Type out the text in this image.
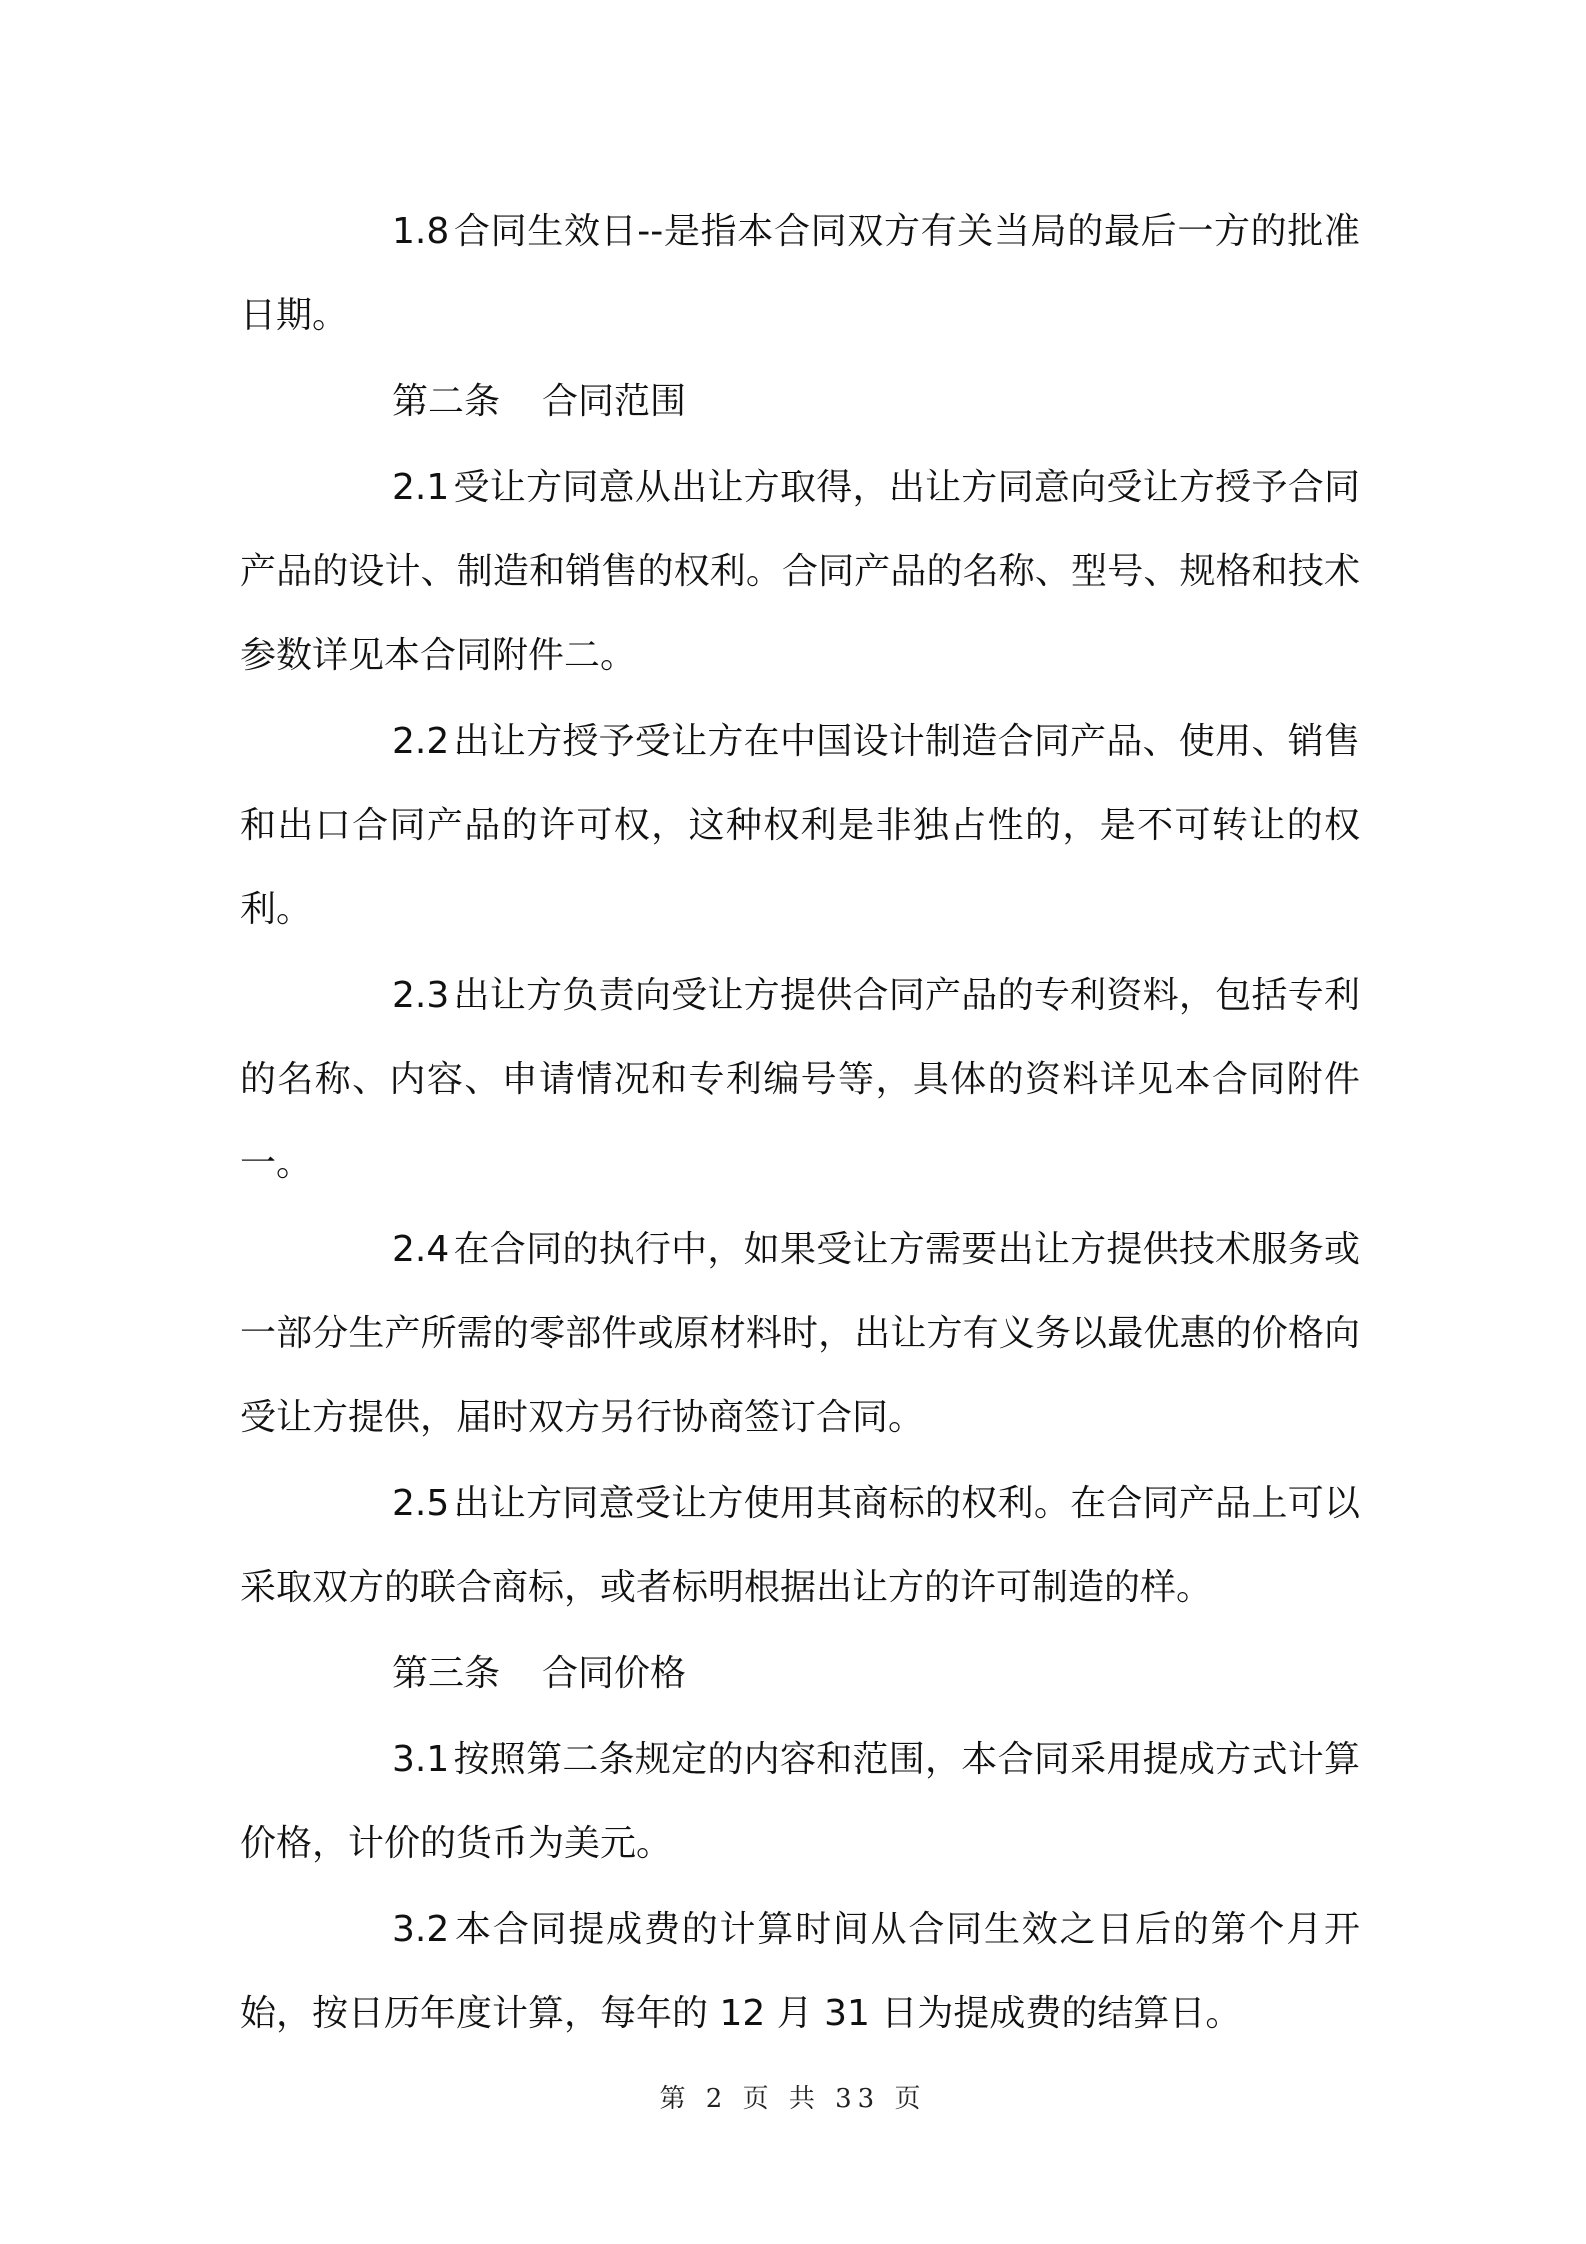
1.8 合同生效日--是指本合同双方有关当局的最后一方的批准日期。

第二条 合同范围

2.1 受让方同意从出让方取得，出让方同意向受让方授予合同产品的设计、制造和销售的权利。合同产品的名称、型号、规格和技术参数详见本合同附件二。

2.2 出让方授予受让方在中国设计制造合同产品、使用、销售和出口合同产品的许可权，这种权利是非独占性的，是不可转让的权利。

2.3 出让方负责向受让方提供合同产品的专利资料，包括专利的名称、内容、申请情况和专利编号等，具体的资料详见本合同附件一。

2.4 在合同的执行中，如果受让方需要出让方提供技术服务或一部分生产所需的零部件或原材料时，出让方有义务以最优惠的价格向受让方提供，届时双方另行协商签订合同。

2.5 出让方同意受让方使用其商标的权利。在合同产品上可以采取双方的联合商标，或者标明根据出让方的许可制造的样。

第三条 合同价格

3.1 按照第二条规定的内容和范围，本合同采用提成方式计算价格，计价的货币为美元。

3.2 本合同提成费的计算时间从合同生效之日后的第个月开始，按日历年度计算，每年的 12 月 31 日为提成费的结算日。

第 2 页 共 33 页
